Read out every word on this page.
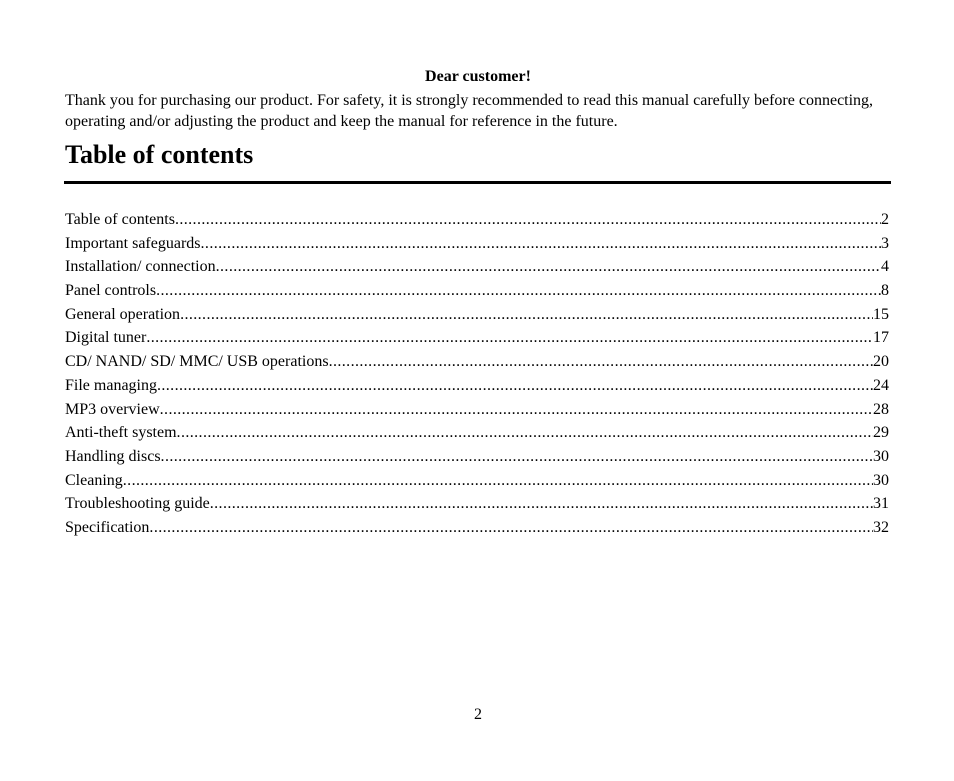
Dear customer!

Thank you for purchasing our product. For safety, it is strongly recommended to read this manual carefully before connecting, operating and/or adjusting the product and keep the manual for reference in the future.

Table of contents
Table of contents .....	2
Important safeguards .....	3
Installation/ connection .....	4
Panel controls .....	8
General operation .....	15
Digital tuner .....	17
CD/ NAND/ SD/ MMC/ USB operations .....	20
File managing .....	24
MP3 overview .....	28
Anti-theft system .....	29
Handling discs .....	30
Cleaning .....	30
Troubleshooting guide .....	31
Specification .....	32
2
